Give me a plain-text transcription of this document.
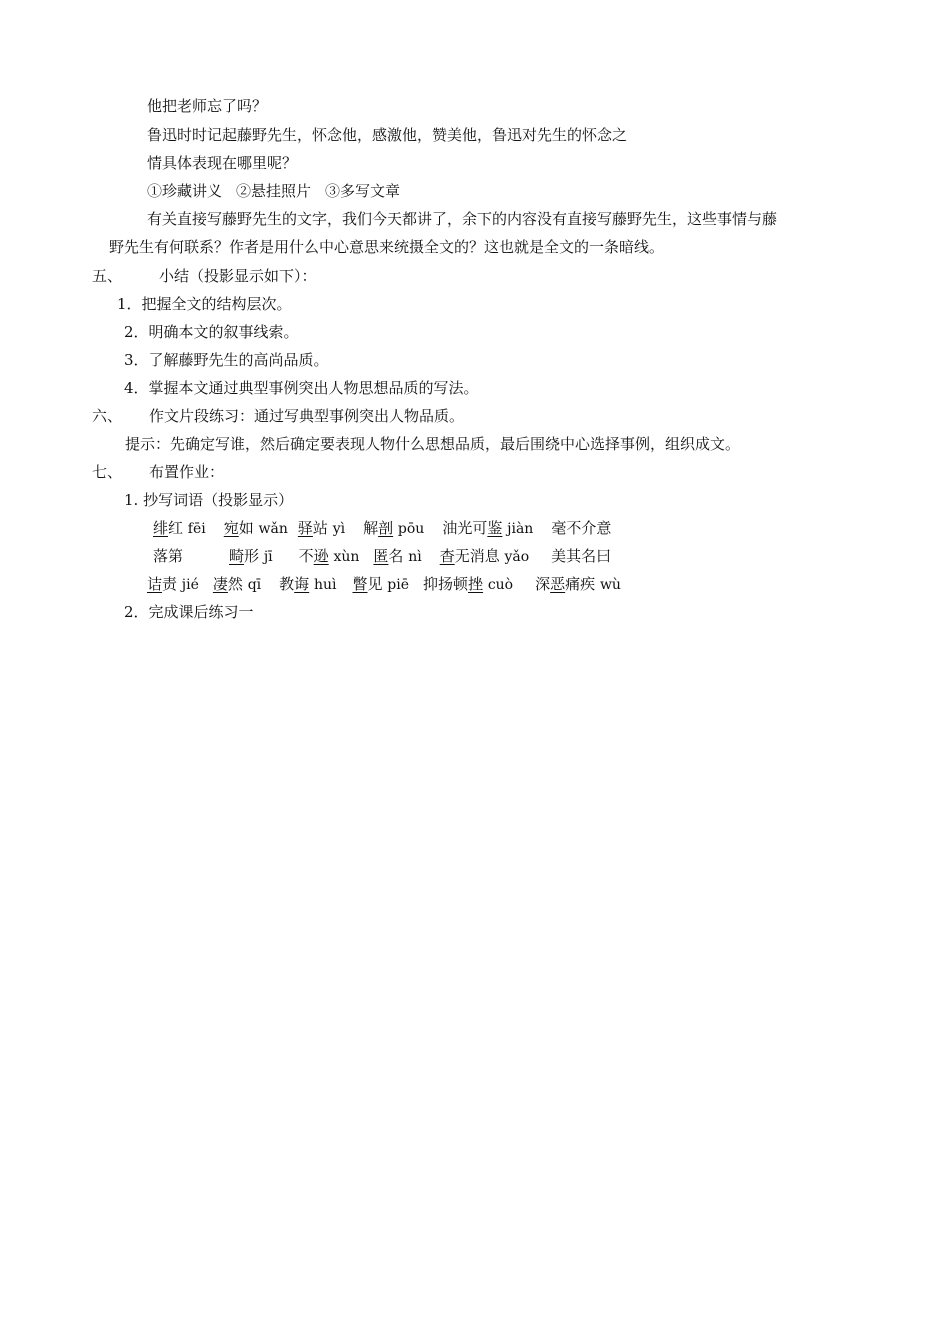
他把老师忘了吗？
鲁迅时时记起藤野先生，怀念他，感激他，赞美他，鲁迅对先生的怀念之
情具体表现在哪里呢？
①珍藏讲义 ②悬挂照片 ③多写文章
有关直接写藤野先生的文字，我们今天都讲了，余下的内容没有直接写藤野先生，这些事情与藤
野先生有何联系？作者是用什么中心意思来统摄全文的？这也就是全文的一条暗线。
五、 小结（投影显示如下）：
1．把握全文的结构层次。
2．明确本文的叙事线索。
3．了解藤野先生的高尚品质。
4．掌握本文通过典型事例突出人物思想品质的写法。
六、 作文片段练习：通过写典型事例突出人物品质。
提示：先确定写谁，然后确定要表现人物什么思想品质，最后围绕中心选择事例，组织成文。
七、 布置作业：
1. 抄写词语（投影显示）
绯红 fēi 宛如 wǎn 驿站 yì 解剖 pōu 油光可鉴 jiàn 毫不介意
落第	畸形 jī 不逊 xùn 匿名 nì 杳无消息 yǎo 美其名曰
诘责 jié 凄然 qī 教诲 huì 瞥见 piē 抑扬顿挫 cuò 深恶痛疾 wù
2．完成课后练习一
